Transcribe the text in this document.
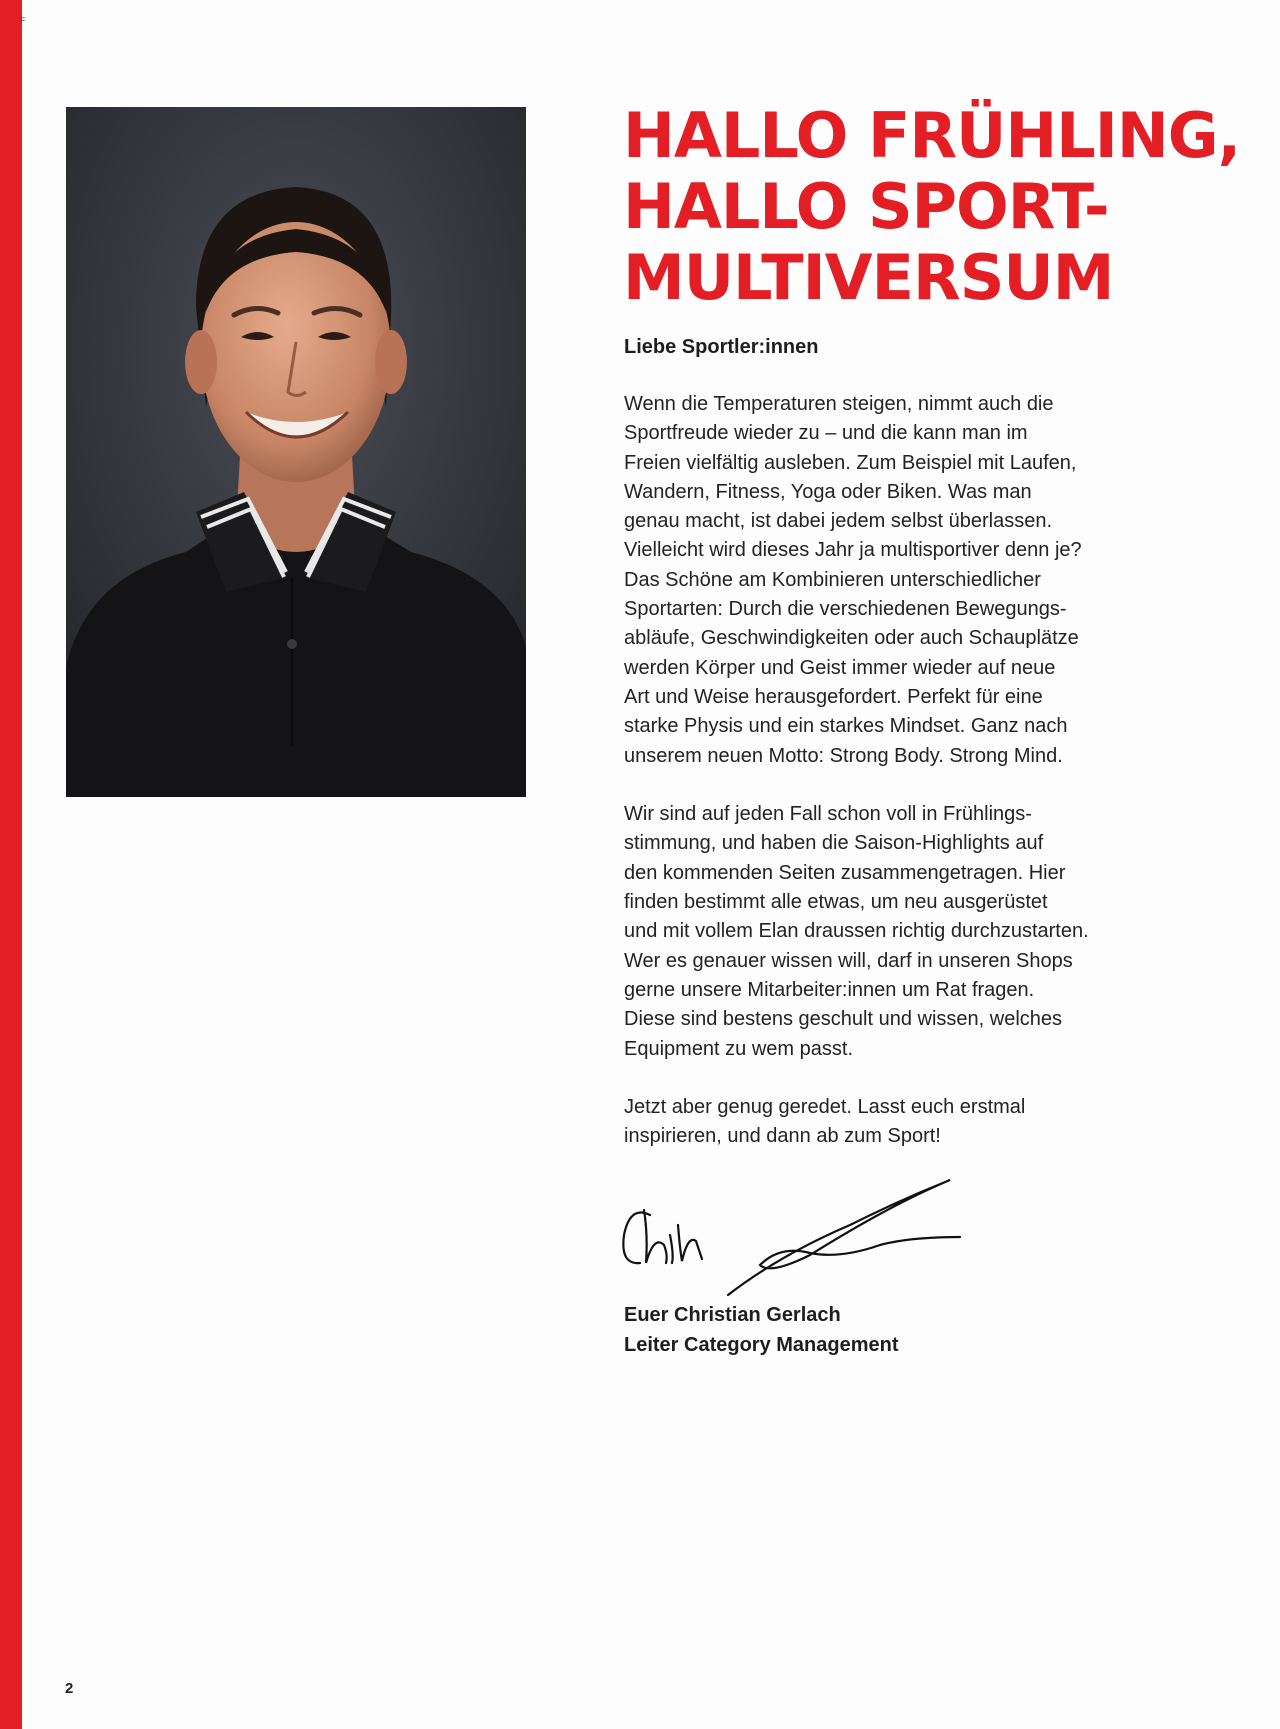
=
HALLO FRÜHLING,
HALLO SPORT-
MULTIVERSUM

Liebe Sportler:innen

Wenn die Temperaturen steigen, nimmt auch die
Sportfreude wieder zu – und die kann man im
Freien vielfältig ausleben. Zum Beispiel mit Laufen,
Wandern, Fitness, Yoga oder Biken. Was man
genau macht, ist dabei jedem selbst überlassen.
Vielleicht wird dieses Jahr ja multisportiver denn je?
Das Schöne am Kombinieren unterschiedlicher
Sportarten: Durch die verschiedenen Bewegungs-
abläufe, Geschwindigkeiten oder auch Schauplätze
werden Körper und Geist immer wieder auf neue
Art und Weise herausgefordert. Perfekt für eine
starke Physis und ein starkes Mindset. Ganz nach
unserem neuen Motto: Strong Body. Strong Mind.

Wir sind auf jeden Fall schon voll in Frühlings-
stimmung, und haben die Saison-Highlights auf
den kommenden Seiten zusammengetragen. Hier
finden bestimmt alle etwas, um neu ausgerüstet
und mit vollem Elan draussen richtig durchzustarten.
Wer es genauer wissen will, darf in unseren Shops
gerne unsere Mitarbeiter:innen um Rat fragen.
Diese sind bestens geschult und wissen, welches
Equipment zu wem passt.

Jetzt aber genug geredet. Lasst euch erstmal
inspirieren, und dann ab zum Sport!

Euer Christian Gerlach
Leiter Category Management
2
